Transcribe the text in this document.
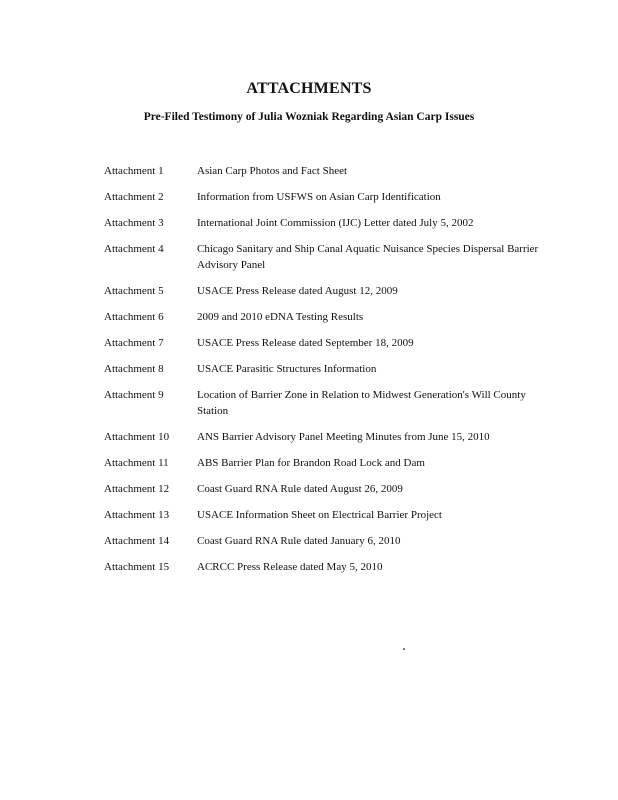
ATTACHMENTS
Pre-Filed Testimony of Julia Wozniak Regarding Asian Carp Issues
Attachment 1	Asian Carp Photos and Fact Sheet
Attachment 2	Information from USFWS on Asian Carp Identification
Attachment 3	International Joint Commission (IJC) Letter dated July 5, 2002
Attachment 4	Chicago Sanitary and Ship Canal Aquatic Nuisance Species Dispersal Barrier Advisory Panel
Attachment 5	USACE Press Release dated August 12, 2009
Attachment 6	2009 and 2010 eDNA Testing Results
Attachment 7	USACE Press Release dated September 18, 2009
Attachment 8	USACE Parasitic Structures Information
Attachment 9	Location of Barrier Zone in Relation to Midwest Generation's Will County Station
Attachment 10	ANS Barrier Advisory Panel Meeting Minutes from June 15, 2010
Attachment 11	ABS Barrier Plan for Brandon Road Lock and Dam
Attachment 12	Coast Guard RNA Rule dated August 26, 2009
Attachment 13	USACE Information Sheet on Electrical Barrier Project
Attachment 14	Coast Guard RNA Rule dated January 6, 2010
Attachment 15	ACRCC Press Release dated May 5, 2010
